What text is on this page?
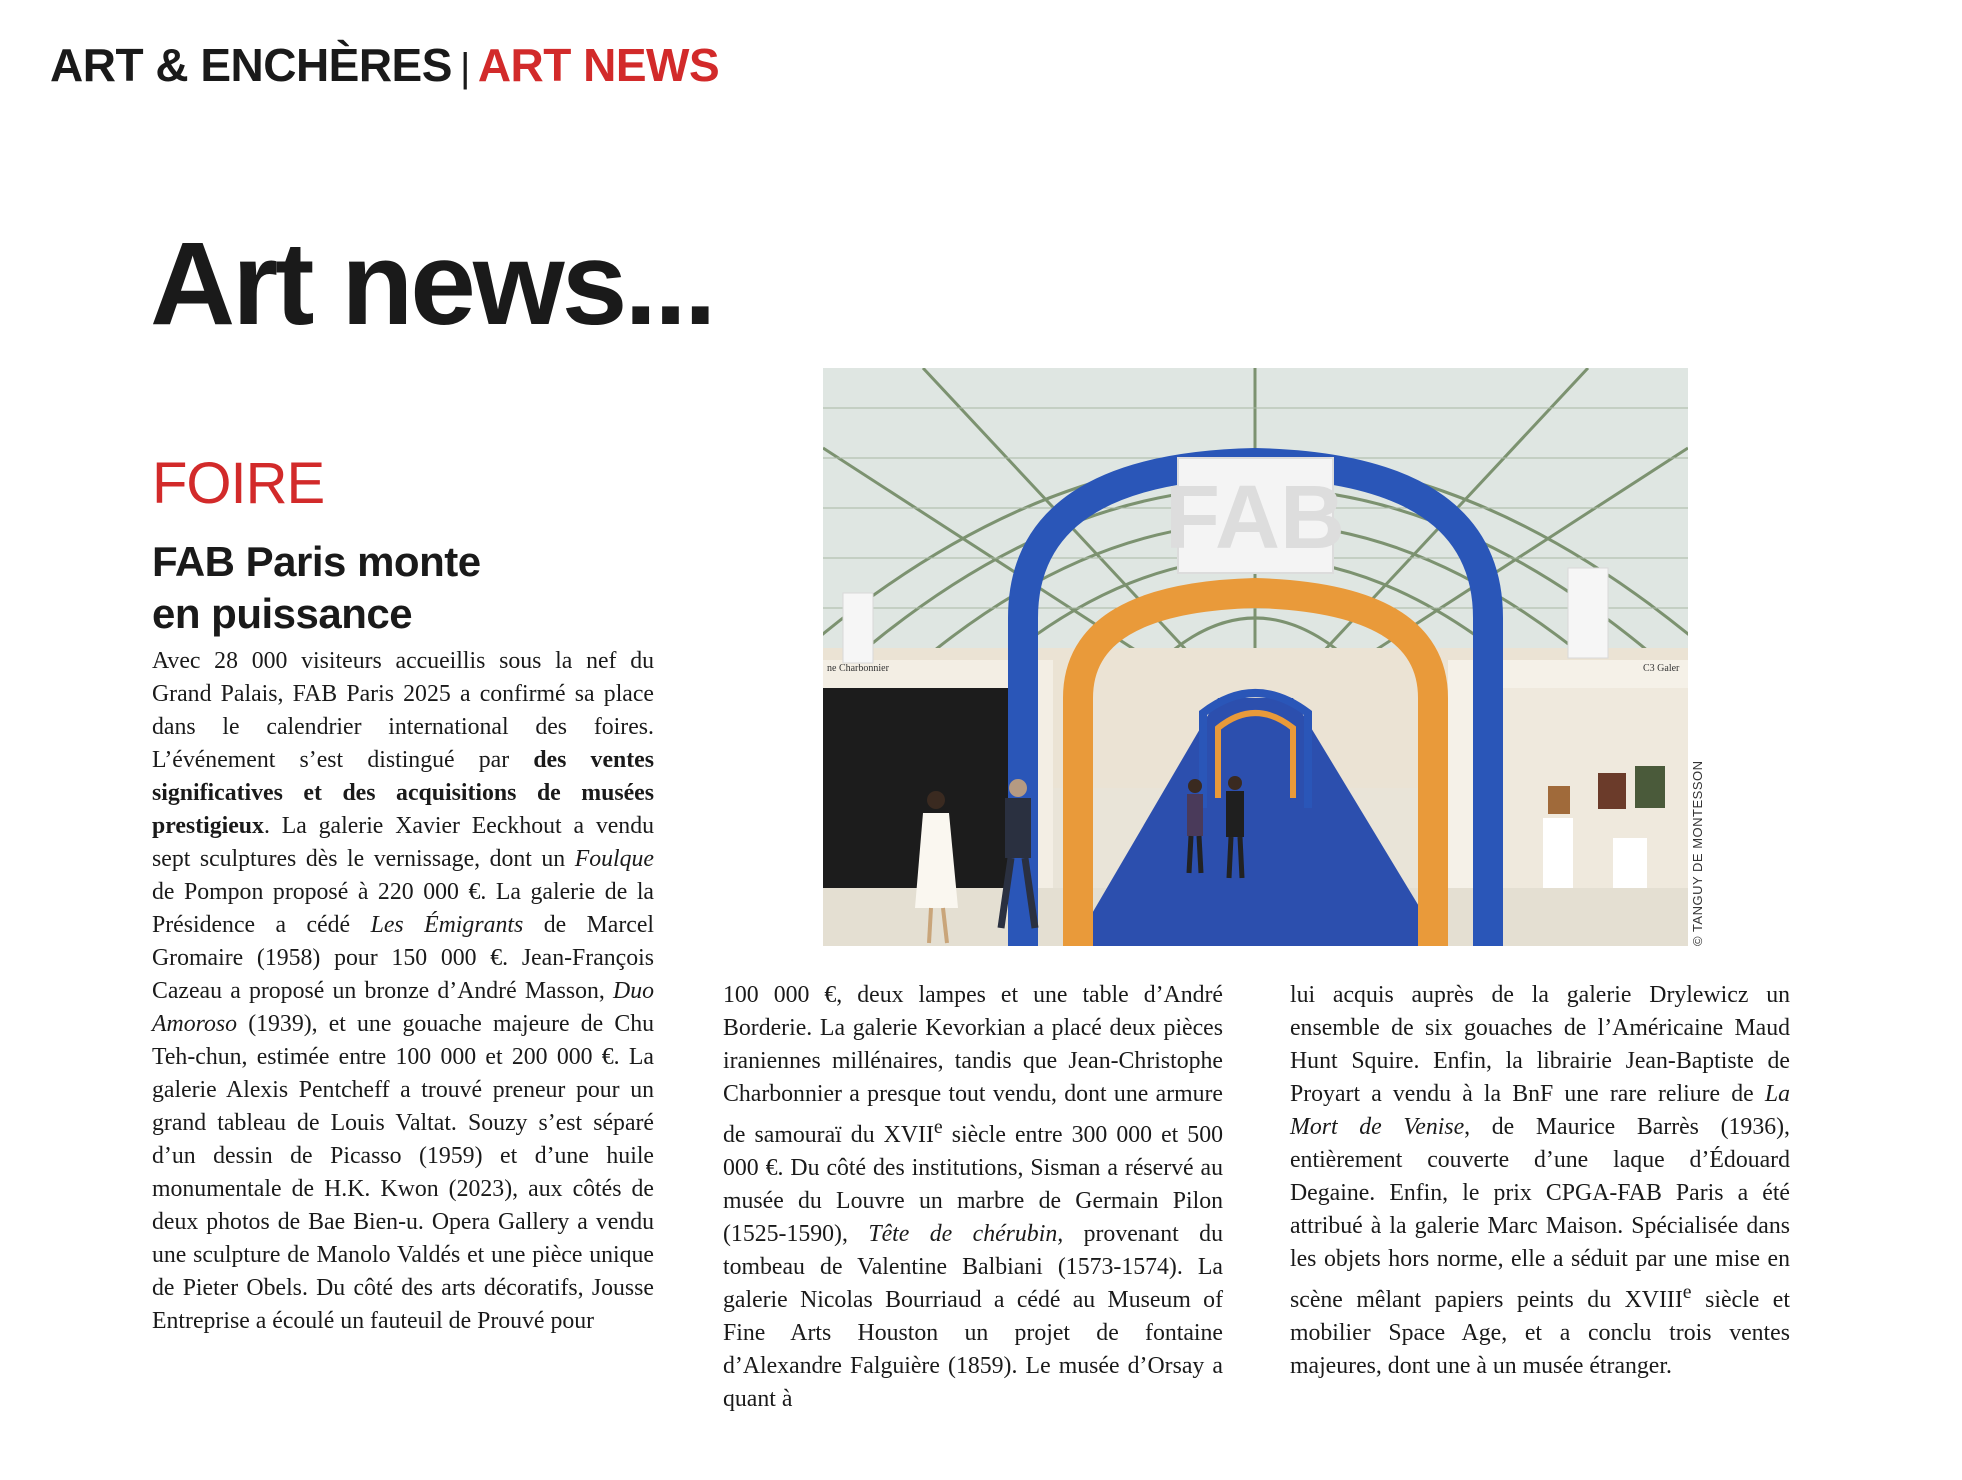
ART & ENCHÈRES | ART NEWS
Art news...
FOIRE
FAB Paris monte
en puissance

Avec 28 000 visiteurs accueillis sous la nef du Grand Palais, FAB Paris 2025 a confirmé sa place dans le calendrier international des foires. L’événement s’est distingué par des ventes significatives et des acquisitions de musées prestigieux. La galerie Xavier Eeckhout a vendu sept sculptures dès le vernissage, dont un Foulque de Pompon proposé à 220 000 €. La galerie de la Présidence a cédé Les Émigrants de Marcel Gromaire (1958) pour 150 000 €. Jean-François Cazeau a proposé un bronze d’André Masson, Duo Amoroso (1939), et une gouache majeure de Chu Teh-chun, estimée entre 100 000 et 200 000 €. La galerie Alexis Pentcheff a trouvé preneur pour un grand tableau de Louis Valtat. Souzy s’est séparé d’un dessin de Picasso (1959) et d’une huile monumentale de H.K. Kwon (2023), aux côtés de deux photos de Bae Bien-u. Opera Gallery a vendu une sculpture de Manolo Valdés et une pièce unique de Pieter Obels. Du côté des arts décoratifs, Jousse Entreprise a écoulé un fauteuil de Prouvé pour

100 000 €, deux lampes et une table d’André Borderie. La galerie Kevorkian a placé deux pièces iraniennes millénaires, tandis que Jean-Christophe Charbonnier a presque tout vendu, dont une armure de samouraï du XVIIe siècle entre 300 000 et 500 000 €. Du côté des institutions, Sisman a réservé au musée du Louvre un marbre de Germain Pilon (1525-1590), Tête de chérubin, provenant du tombeau de Valentine Balbiani (1573-1574). La galerie Nicolas Bourriaud a cédé au Museum of Fine Arts Houston un projet de fontaine d’Alexandre Falguière (1859). Le musée d’Orsay a quant à

lui acquis auprès de la galerie Drylewicz un ensemble de six gouaches de l’Américaine Maud Hunt Squire. Enfin, la librairie Jean-Baptiste de Proyart a vendu à la BnF une rare reliure de La Mort de Venise, de Maurice Barrès (1936), entièrement couverte d’une laque d’Édouard Degaine. Enfin, le prix CPGA-FAB Paris a été attribué à la galerie Marc Maison. Spécialisée dans les objets hors norme, elle a séduit par une mise en scène mêlant papiers peints du XVIIIe siècle et mobilier Space Age, et a conclu trois ventes majeures, dont une à un musée étranger.

ne Charbonnier	C3 Galer
FAB
© TANGUY DE MONTESSON
